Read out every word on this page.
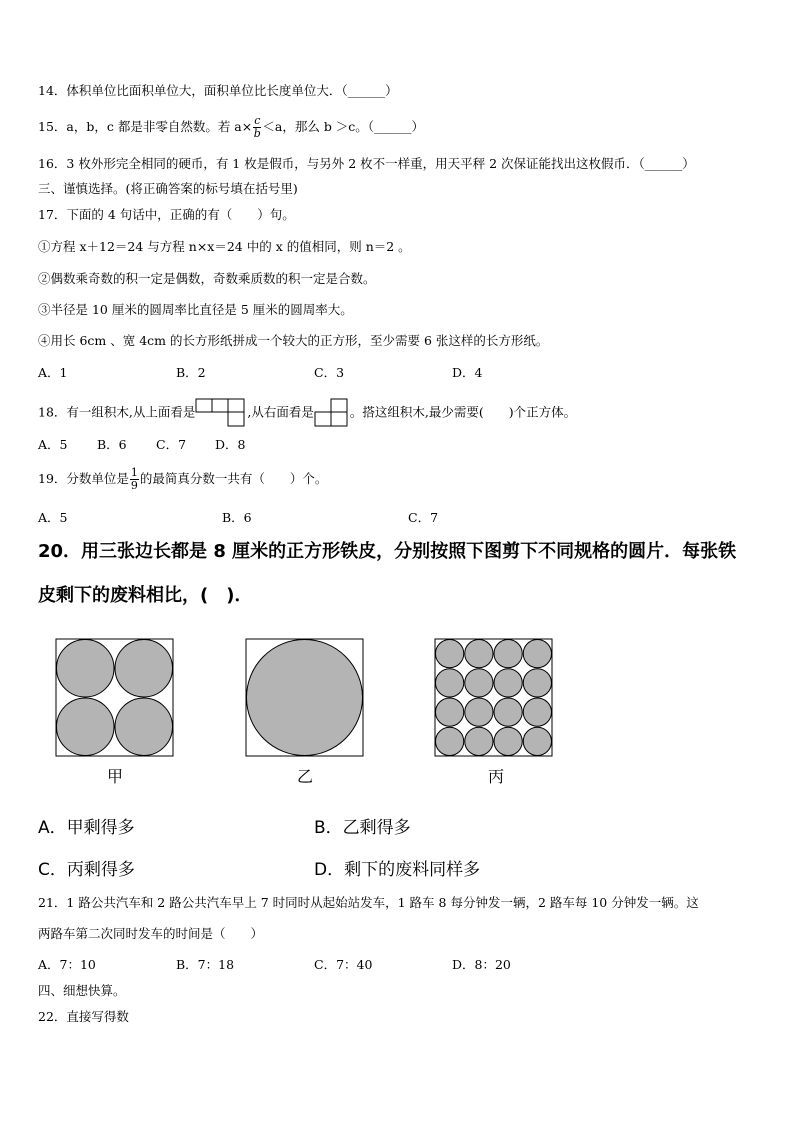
14．体积单位比面积单位大，面积单位比长度单位大．（______）
15．a，b，c 都是非零自然数。若 $a\times \frac{c}{b} <a$，那么 b ＞c。（______）
16．3 枚外形完全相同的硬币，有 1 枚是假币，与另外 2 枚不一样重，用天平秤 2 次保证能找出这枚假币．（______）
三、谨慎选择。(将正确答案的标号填在括号里)
17．下面的 4 句话中，正确的有（　　）句。
①方程 x＋12＝24 与方程 n×x＝24 中的 x 的值相同，则 n＝2 。
②偶数乘奇数的积一定是偶数，奇数乘质数的积一定是合数。
③半径是 10 厘米的圆周率比直径是 5 厘米的圆周率大。
④用长 6cm 、宽 4cm 的长方形纸拼成一个较大的正方形，至少需要 6 张这样的长方形纸。
A．1	B．2	C．3	D．4
18．有一组积木,从上面看是	,从右面看是	。搭这组积木,最少需要(　　)个正方体。
A．5 B．6 C．7 D．8
19．分数单位是 $\frac{1}{9}$ 的最简真分数一共有（　　）个。
A．5	B．6	C．7
20．用三张边长都是 8 厘米的正方形铁皮，分别按照下图剪下不同规格的圆片．每张铁
皮剩下的废料相比，(　)．
甲	乙	丙
A．甲剩得多	B．乙剩得多
C．丙剩得多	D．剩下的废料同样多
21．1 路公共汽车和 2 路公共汽车早上 7 时同时从起始站发车，1 路车 8 每分钟发一辆，2 路车每 10 分钟发一辆。这
两路车第二次同时发车的时间是（　　）
A．7：10	B．7：18	C．7：40	D．8：20
四、细想快算。
22．直接写得数
